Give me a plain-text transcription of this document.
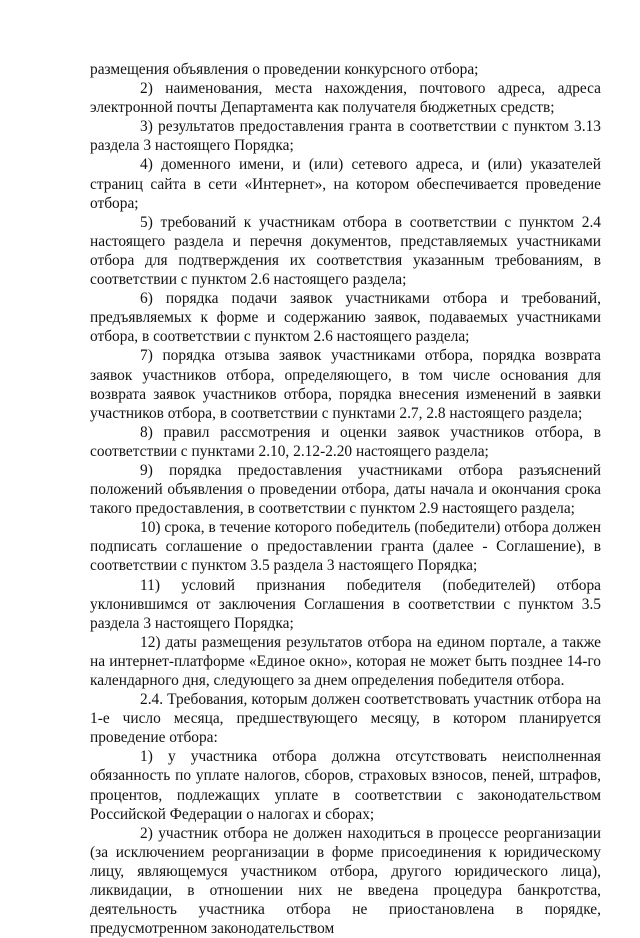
размещения объявления о проведении конкурсного отбора;

2) наименования, места нахождения, почтового адреса, адреса электронной почты Департамента как получателя бюджетных средств;

3) результатов предоставления гранта в соответствии с пунктом 3.13 раздела 3 настоящего Порядка;

4) доменного имени, и (или) сетевого адреса, и (или) указателей страниц сайта в сети «Интернет», на котором обеспечивается проведение отбора;

5) требований к участникам отбора в соответствии с пунктом 2.4 настоящего раздела и перечня документов, представляемых участниками отбора для подтверждения их соответствия указанным требованиям, в соответствии с пунктом 2.6 настоящего раздела;

6) порядка подачи заявок участниками отбора и требований, предъявляемых к форме и содержанию заявок, подаваемых участниками отбора, в соответствии с пунктом 2.6 настоящего раздела;

7) порядка отзыва заявок участниками отбора, порядка возврата заявок участников отбора, определяющего, в том числе основания для возврата заявок участников отбора, порядка внесения изменений в заявки участников отбора, в соответствии с пунктами 2.7, 2.8 настоящего раздела;

8) правил рассмотрения и оценки заявок участников отбора, в соответствии с пунктами 2.10, 2.12-2.20 настоящего раздела;

9) порядка предоставления участниками отбора разъяснений положений объявления о проведении отбора, даты начала и окончания срока такого предоставления, в соответствии с пунктом 2.9 настоящего раздела;

10) срока, в течение которого победитель (победители) отбора должен подписать соглашение о предоставлении гранта (далее - Соглашение), в соответствии с пунктом 3.5 раздела 3 настоящего Порядка;

11) условий признания победителя (победителей) отбора уклонившимся от заключения Соглашения в соответствии с пунктом 3.5 раздела 3 настоящего Порядка;

12) даты размещения результатов отбора на едином портале, а также на интернет-платформе «Единое окно», которая не может быть позднее 14-го календарного дня, следующего за днем определения победителя отбора.

2.4. Требования, которым должен соответствовать участник отбора на 1-е число месяца, предшествующего месяцу, в котором планируется проведение отбора:

1) у участника отбора должна отсутствовать неисполненная обязанность по уплате налогов, сборов, страховых взносов, пеней, штрафов, процентов, подлежащих уплате в соответствии с законодательством Российской Федерации о налогах и сборах;

2) участник отбора не должен находиться в процессе реорганизации (за исключением реорганизации в форме присоединения к юридическому лицу, являющемуся участником отбора, другого юридического лица), ликвидации, в отношении них не введена процедура банкротства, деятельность участника отбора не приостановлена в порядке, предусмотренном законодательством
